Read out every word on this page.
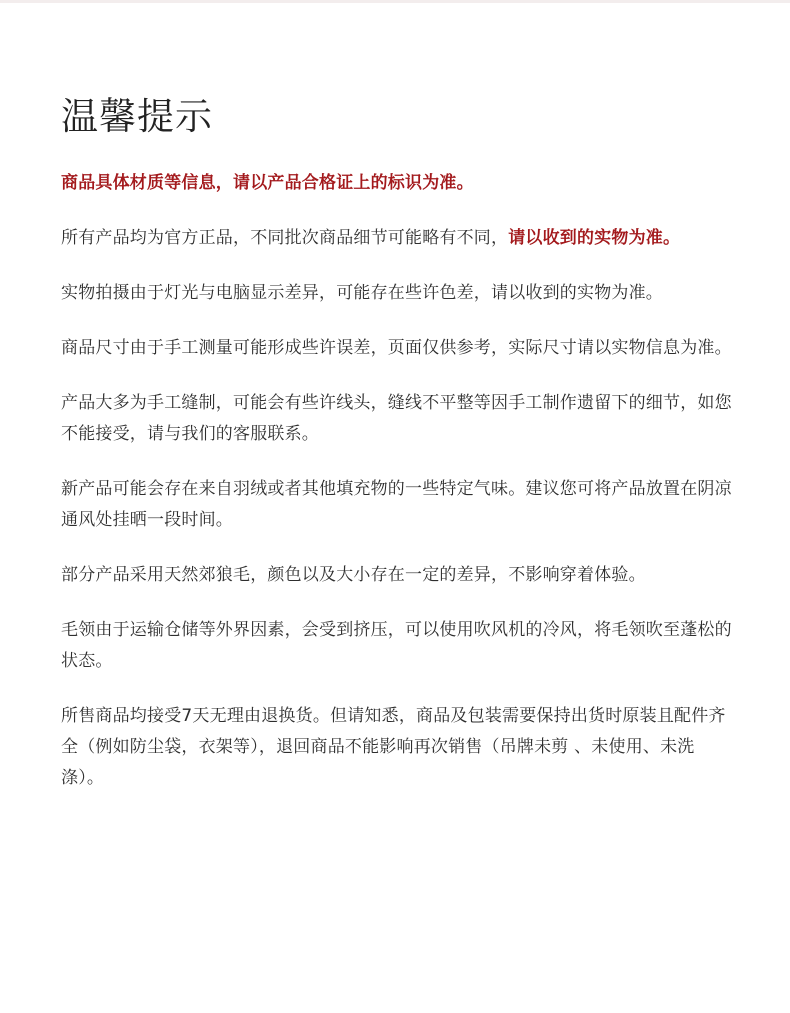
温馨提示

商品具体材质等信息，请以产品合格证上的标识为准。

所有产品均为官方正品，不同批次商品细节可能略有不同，请以收到的实物为准。

实物拍摄由于灯光与电脑显示差异，可能存在些许色差，请以收到的实物为准。

商品尺寸由于手工测量可能形成些许误差，页面仅供参考，实际尺寸请以实物信息为准。

产品大多为手工缝制，可能会有些许线头，缝线不平整等因手工制作遗留下的细节，如您不能接受，请与我们的客服联系。

新产品可能会存在来自羽绒或者其他填充物的一些特定气味。建议您可将产品放置在阴凉通风处挂晒一段时间。

部分产品采用天然郊狼毛，颜色以及大小存在一定的差异，不影响穿着体验。

毛领由于运输仓储等外界因素，会受到挤压，可以使用吹风机的冷风，将毛领吹至蓬松的状态。

所售商品均接受7天无理由退换货。但请知悉，商品及包装需要保持出货时原装且配件齐全（例如防尘袋，衣架等），退回商品不能影响再次销售（吊牌未剪 、未使用、未洗涤）。
